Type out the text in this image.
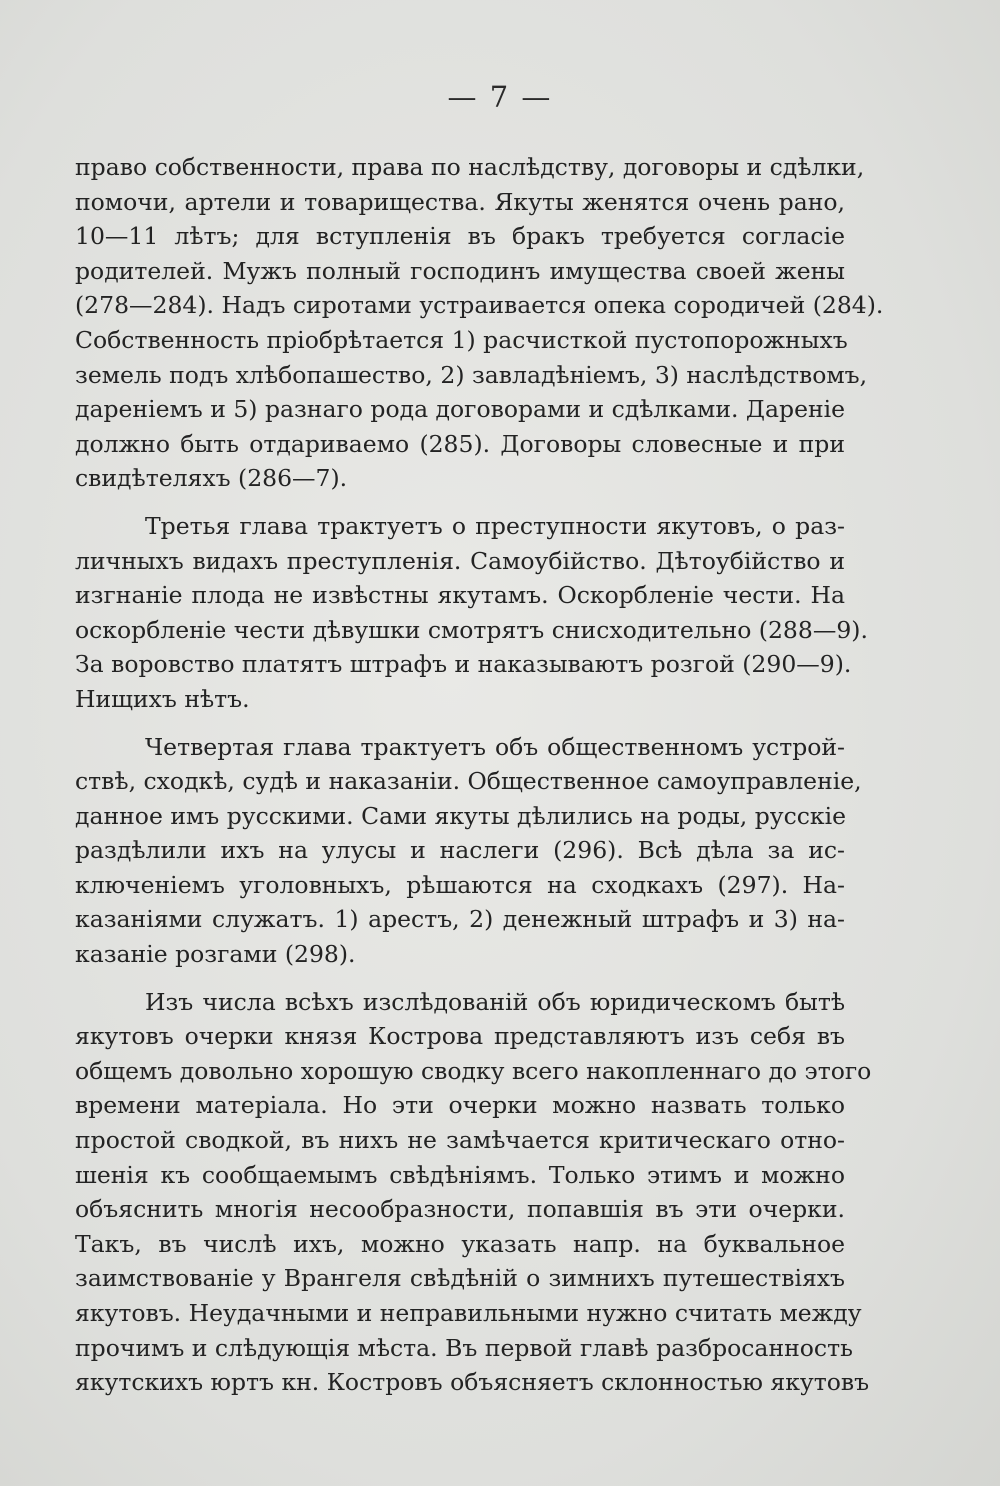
— 7 —
право собственности, права по наслѣдству, договоры и сдѣлки,
помочи, артели и товарищества. Якуты женятся очень рано,
10—11 лѣтъ; для вступленія въ бракъ требуется согласіе
родителей. Мужъ полный господинъ имущества своей жены
(278—284). Надъ сиротами устраивается опека сородичей (284).
Собственность пріобрѣтается 1) расчисткой пустопорожныхъ
земель подъ хлѣбопашество, 2) завладѣніемъ, 3) наслѣдствомъ,
дареніемъ и 5) разнаго рода договорами и сдѣлками. Дареніе
должно быть отдариваемо (285). Договоры словесные и при
свидѣтеляхъ (286—7).
Третья глава трактуетъ о преступности якутовъ, о раз-
личныхъ видахъ преступленія. Самоубійство. Дѣтоубійство и
изгнаніе плода не извѣстны якутамъ. Оскорбленіе чести. На
оскорбленіе чести дѣвушки смотрятъ снисходительно (288—9).
За воровство платятъ штрафъ и наказываютъ розгой (290—9).
Нищихъ нѣтъ.
Четвертая глава трактуетъ объ общественномъ устрой-
ствѣ, сходкѣ, судѣ и наказаніи. Общественное самоуправленіе,
данное имъ русскими. Сами якуты дѣлились на роды, русскіе
раздѣлили ихъ на улусы и наслеги (296). Всѣ дѣла за ис-
ключеніемъ уголовныхъ, рѣшаются на сходкахъ (297). На-
казаніями служатъ. 1) арестъ, 2) денежный штрафъ и 3) на-
казаніе розгами (298).
Изъ числа всѣхъ изслѣдованій объ юридическомъ бытѣ
якутовъ очерки князя Кострова представляютъ изъ себя въ
общемъ довольно хорошую сводку всего накопленнаго до этого
времени матеріала. Но эти очерки можно назвать только
простой сводкой, въ нихъ не замѣчается критическаго отно-
шенія къ сообщаемымъ свѣдѣніямъ. Только этимъ и можно
объяснить многія несообразности, попавшія въ эти очерки.
Такъ, въ числѣ ихъ, можно указать напр. на буквальное
заимствованіе у Врангеля свѣдѣній о зимнихъ путешествіяхъ
якутовъ. Неудачными и неправильными нужно считать между
прочимъ и слѣдующія мѣста. Въ первой главѣ разбросанность
якутскихъ юртъ кн. Костровъ объясняетъ склонностью якутовъ
